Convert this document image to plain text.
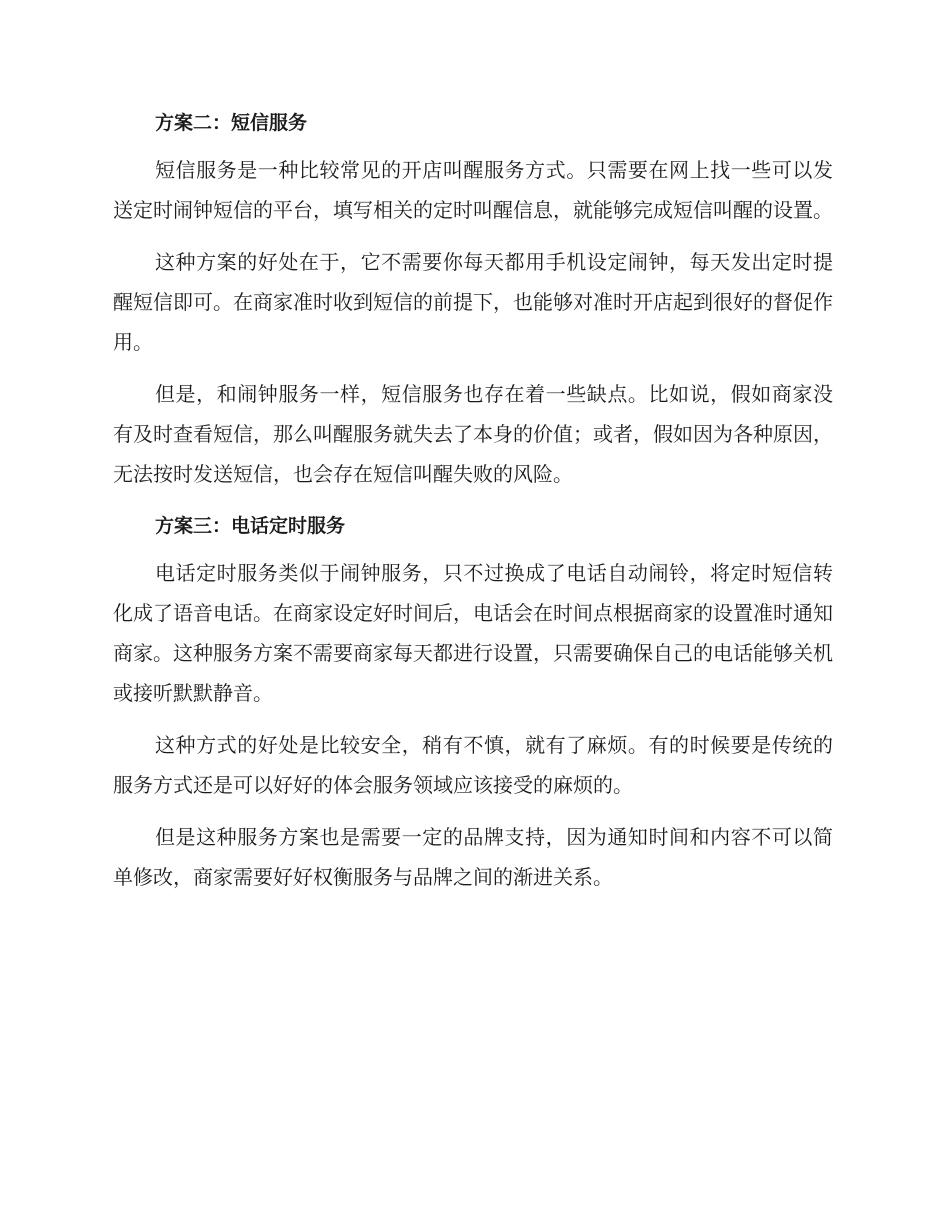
方案二：短信服务

短信服务是一种比较常见的开店叫醒服务方式。只需要在网上找一些可以发送定时闹钟短信的平台，填写相关的定时叫醒信息，就能够完成短信叫醒的设置。

这种方案的好处在于，它不需要你每天都用手机设定闹钟，每天发出定时提醒短信即可。在商家准时收到短信的前提下，也能够对准时开店起到很好的督促作用。

但是，和闹钟服务一样，短信服务也存在着一些缺点。比如说，假如商家没有及时查看短信，那么叫醒服务就失去了本身的价值；或者，假如因为各种原因，无法按时发送短信，也会存在短信叫醒失败的风险。

方案三：电话定时服务

电话定时服务类似于闹钟服务，只不过换成了电话自动闹铃，将定时短信转化成了语音电话。在商家设定好时间后，电话会在时间点根据商家的设置准时通知商家。这种服务方案不需要商家每天都进行设置，只需要确保自己的电话能够关机或接听默默静音。

这种方式的好处是比较安全，稍有不慎，就有了麻烦。有的时候要是传统的服务方式还是可以好好的体会服务领域应该接受的麻烦的。

但是这种服务方案也是需要一定的品牌支持，因为通知时间和内容不可以简单修改，商家需要好好权衡服务与品牌之间的渐进关系。
